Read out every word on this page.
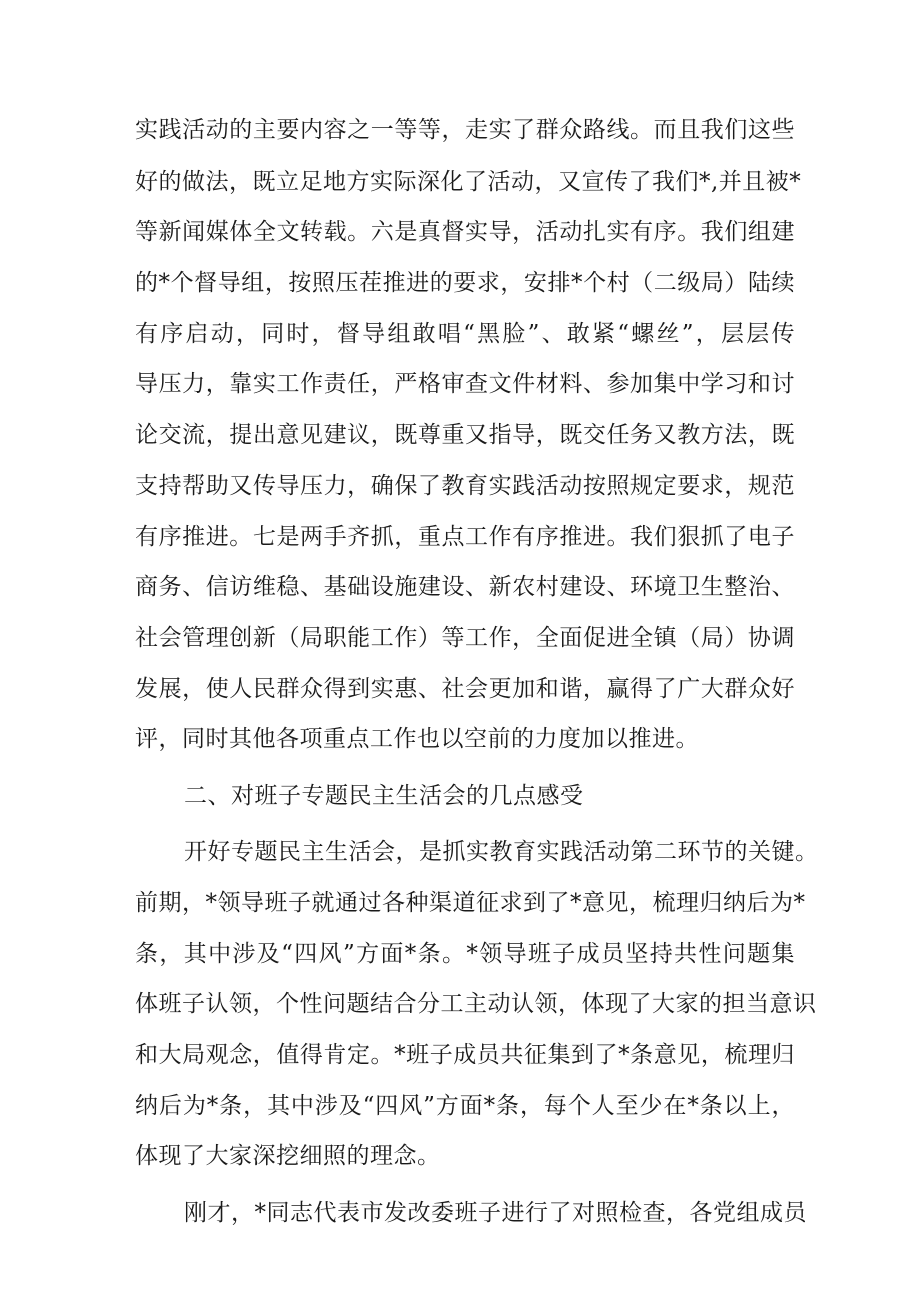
实践活动的主要内容之一等等，走实了群众路线。而且我们这些
好的做法，既立足地方实际深化了活动，又宣传了我们*,并且被*
等新闻媒体全文转载。六是真督实导，活动扎实有序。我们组建
的*个督导组，按照压茬推进的要求，安排*个村（二级局）陆续
有序启动，同时，督导组敢唱“黑脸”、敢紧“螺丝”，层层传
导压力，靠实工作责任，严格审查文件材料、参加集中学习和讨
论交流，提出意见建议，既尊重又指导，既交任务又教方法，既
支持帮助又传导压力，确保了教育实践活动按照规定要求，规范
有序推进。七是两手齐抓，重点工作有序推进。我们狠抓了电子
商务、信访维稳、基础设施建设、新农村建设、环境卫生整治、
社会管理创新（局职能工作）等工作，全面促进全镇（局）协调
发展，使人民群众得到实惠、社会更加和谐，赢得了广大群众好
评，同时其他各项重点工作也以空前的力度加以推进。
二、对班子专题民主生活会的几点感受
开好专题民主生活会，是抓实教育实践活动第二环节的关键。
前期，*领导班子就通过各种渠道征求到了*意见，梳理归纳后为*
条，其中涉及“四风”方面*条。*领导班子成员坚持共性问题集
体班子认领，个性问题结合分工主动认领，体现了大家的担当意识
和大局观念，值得肯定。*班子成员共征集到了*条意见，梳理归
纳后为*条，其中涉及“四风”方面*条，每个人至少在*条以上，
体现了大家深挖细照的理念。
刚才，*同志代表市发改委班子进行了对照检查，各党组成员
